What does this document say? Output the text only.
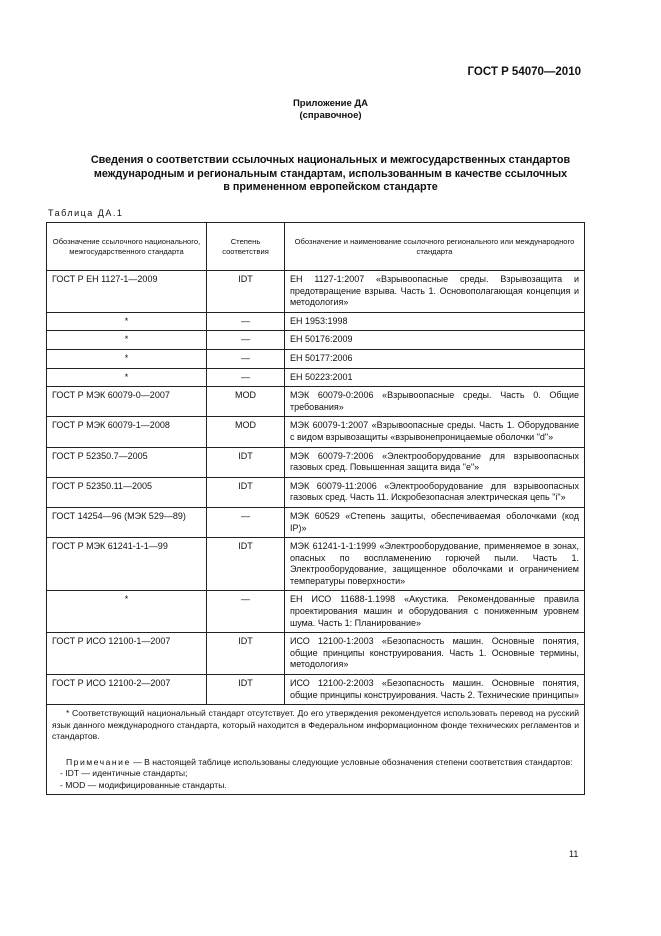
ГОСТ Р 54070—2010
Приложение ДА
(справочное)
Сведения о соответствии ссылочных национальных и межгосударственных стандартов
международным и региональным стандартам, использованным в качестве ссылочных
в примененном европейском стандарте
Таблица ДА.1
Обозначение ссылочного национального, межгосударственного стандарта	Степень соответствия	Обозначение и наименование ссылочного регионального или международного стандарта
ГОСТ Р ЕН 1127-1—2009	IDT	ЕН 1127-1:2007 «Взрывоопасные среды. Взрывозащита и предотвращение взрыва. Часть 1. Основополагающая концепция и методология»
*	—	ЕН 1953:1998
*	—	ЕН 50176:2009
*	—	ЕН 50177:2006
*	—	ЕН 50223:2001
ГОСТ Р МЭК 60079-0—2007	MOD	МЭК 60079-0:2006 «Взрывоопасные среды. Часть 0. Общие требования»
ГОСТ Р МЭК 60079-1—2008	MOD	МЭК 60079-1:2007 «Взрывоопасные среды. Часть 1. Оборудование с видом взрывозащиты «взрывонепроницаемые оболочки "d"»
ГОСТ Р 52350.7—2005	IDT	МЭК 60079-7:2006 «Электрооборудование для взрывоопасных газовых сред. Повышенная защита вида "е"»
ГОСТ Р 52350.11—2005	IDT	МЭК 60079-11:2006 «Электрооборудование для взрывоопасных газовых сред. Часть 11. Искробезопасная электрическая цепь "i"»
ГОСТ 14254—96 (МЭК 529—89)	—	МЭК 60529 «Степень защиты, обеспечиваемая оболочками (код IP)»
ГОСТ Р МЭК 61241-1-1—99	IDT	МЭК 61241-1-1:1999 «Электрооборудование, применяемое в зонах, опасных по воспламенению горючей пыли. Часть 1. Электрооборудование, защищенное оболочками и ограничением температуры поверхности»
*	—	ЕН ИСО 11688-1.1998 «Акустика. Рекомендованные правила проектирования машин и оборудования с пониженным уровнем шума. Часть 1: Планирование»
ГОСТ Р ИСО 12100-1—2007	IDT	ИСО 12100-1:2003 «Безопасность машин. Основные понятия, общие принципы конструирования. Часть 1. Основные термины, методология»
ГОСТ Р ИСО 12100-2—2007	IDT	ИСО 12100-2:2003 «Безопасность машин. Основные понятия, общие принципы конструирования. Часть 2. Технические принципы»

* Соответствующий национальный стандарт отсутствует. До его утверждения рекомендуется использовать перевод на русский язык данного международного стандарта, который находится в Федеральном информационном фонде технических регламентов и стандартов.

Примечание — В настоящей таблице использованы следующие условные обозначения степени соответствия стандартов:

- IDT — идентичные стандарты;
- MOD — модифицированные стандарты.		
11
